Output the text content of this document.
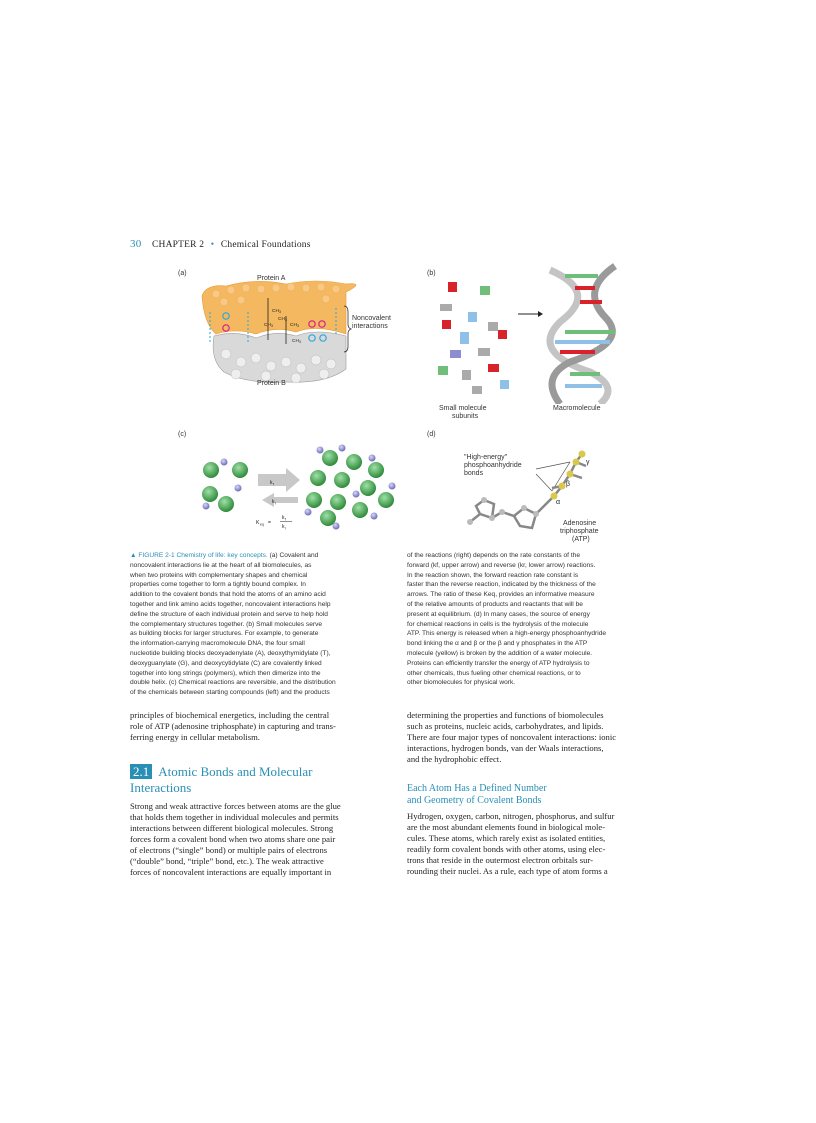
30 CHAPTER 2 • Chemical Foundations
(a)
$CH_3$
$CH_3$
$CH_3$	$CH_3$
$CH_3$
Protein A
Protein B
Noncovalent
interactions
(b)
Small molecule
subunits
Macromolecule
(c)
k f
k r
K eq =
k f
k r
(d)
γ
β
α
"High-energy"
phosphoanhydride
bonds
Adenosine
triphosphate
(ATP)
▲ FIGURE 2-1 Chemistry of life: key concepts. (a) Covalent and
noncovalent interactions lie at the heart of all biomolecules, as
when two proteins with complementary shapes and chemical
properties come together to form a tightly bound complex. In
addition to the covalent bonds that hold the atoms of an amino acid
together and link amino acids together, noncovalent interactions help
define the structure of each individual protein and serve to help hold
the complementary structures together. (b) Small molecules serve
as building blocks for larger structures. For example, to generate
the information-carrying macromolecule DNA, the four small
nucleotide building blocks deoxyadenylate (A), deoxythymidylate (T),
deoxyguanylate (G), and deoxycytidylate (C) are covalently linked
together into long strings (polymers), which then dimerize into the
double helix. (c) Chemical reactions are reversible, and the distribution
of the chemicals between starting compounds (left) and the products
of the reactions (right) depends on the rate constants of the
forward (kf, upper arrow) and reverse (kr, lower arrow) reactions.
In the reaction shown, the forward reaction rate constant is
faster than the reverse reaction, indicated by the thickness of the
arrows. The ratio of these Keq, provides an informative measure
of the relative amounts of products and reactants that will be
present at equilibrium. (d) In many cases, the source of energy
for chemical reactions in cells is the hydrolysis of the molecule
ATP. This energy is released when a high-energy phosphoanhydride
bond linking the α and β or the β and γ phosphates in the ATP
molecule (yellow) is broken by the addition of a water molecule.
Proteins can efficiently transfer the energy of ATP hydrolysis to
other chemicals, thus fueling other chemical reactions, or to
other biomolecules for physical work.
principles of biochemical energetics, including the central
role of ATP (adenosine triphosphate) in capturing and trans-
ferring energy in cellular metabolism.
2.1 Atomic Bonds and Molecular
Interactions
Strong and weak attractive forces between atoms are the glue
that holds them together in individual molecules and permits
interactions between different biological molecules. Strong
forces form a covalent bond when two atoms share one pair
of electrons (“single” bond) or multiple pairs of electrons
(“double” bond, “triple” bond, etc.). The weak attractive
forces of noncovalent interactions are equally important in
determining the properties and functions of biomolecules
such as proteins, nucleic acids, carbohydrates, and lipids.
There are four major types of noncovalent interactions: ionic
interactions, hydrogen bonds, van der Waals interactions,
and the hydrophobic effect.
Each Atom Has a Defined Number
and Geometry of Covalent Bonds
Hydrogen, oxygen, carbon, nitrogen, phosphorus, and sulfur
are the most abundant elements found in biological mole-
cules. These atoms, which rarely exist as isolated entities,
readily form covalent bonds with other atoms, using elec-
trons that reside in the outermost electron orbitals sur-
rounding their nuclei. As a rule, each type of atom forms a
